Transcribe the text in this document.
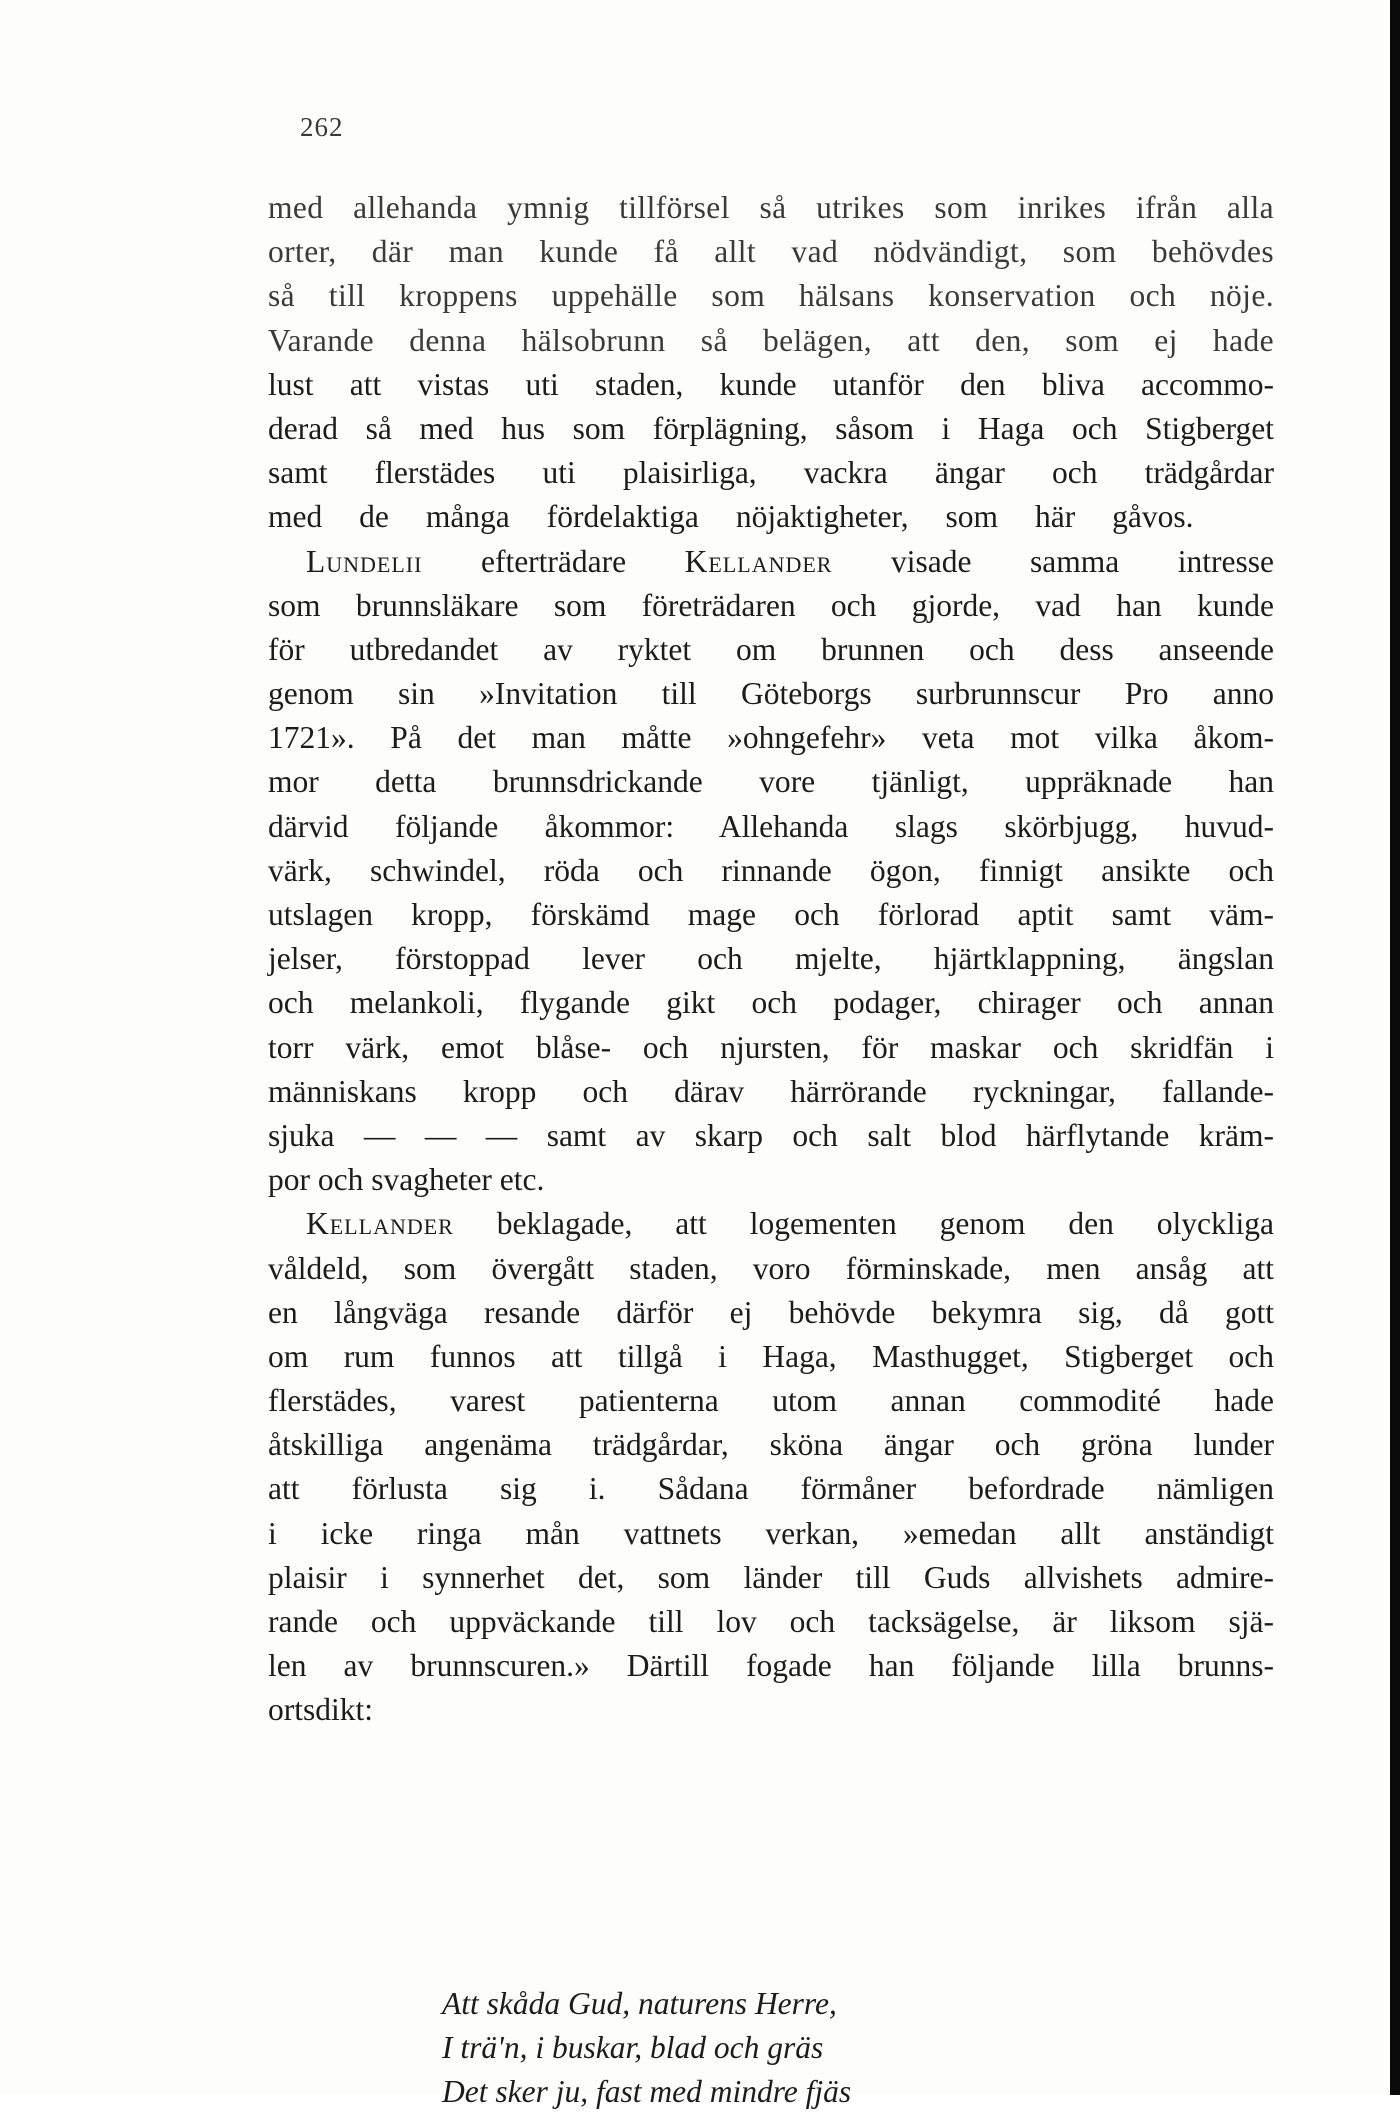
262
med allehanda ymnig tillförsel så utrikes som inrikes ifrån alla
orter, där man kunde få allt vad nödvändigt, som behövdes
så till kroppens uppehälle som hälsans konservation och nöje.
Varande denna hälsobrunn så belägen, att den, som ej hade
lust att vistas uti staden, kunde utanför den bliva accommo-
derad så med hus som förplägning, såsom i Haga och Stigberget
samt flerstädes uti plaisirliga, vackra ängar och trädgårdar
med de många fördelaktiga nöjaktigheter, som här gåvos.
Lundelii efterträdare Kellander visade samma intresse
som brunnsläkare som företrädaren och gjorde, vad han kunde
för utbredandet av ryktet om brunnen och dess anseende
genom sin »Invitation till Göteborgs surbrunnscur Pro anno
1721». På det man måtte »ohngefehr» veta mot vilka åkom-
mor detta brunnsdrickande vore tjänligt, uppräknade han
därvid följande åkommor: Allehanda slags skörbjugg, huvud-
värk, schwindel, röda och rinnande ögon, finnigt ansikte och
utslagen kropp, förskämd mage och förlorad aptit samt väm-
jelser, förstoppad lever och mjelte, hjärtklappning, ängslan
och melankoli, flygande gikt och podager, chirager och annan
torr värk, emot blåse- och njursten, för maskar och skridfän i
människans kropp och därav härrörande ryckningar, fallande-
sjuka — — — samt av skarp och salt blod härflytande kräm-
por och svagheter etc.
Kellander beklagade, att logementen genom den olyckliga
våldeld, som övergått staden, voro förminskade, men ansåg att
en långväga resande därför ej behövde bekymra sig, då gott
om rum funnos att tillgå i Haga, Masthugget, Stigberget och
flerstädes, varest patienterna utom annan commodité hade
åtskilliga angenäma trädgårdar, sköna ängar och gröna lunder
att förlusta sig i. Sådana förmåner befordrade nämligen
i icke ringa mån vattnets verkan, »emedan allt anständigt
plaisir i synnerhet det, som länder till Guds allvishets admire-
rande och uppväckande till lov och tacksägelse, är liksom sjä-
len av brunnscuren.» Därtill fogade han följande lilla brunns-
ortsdikt:
Att skåda Gud, naturens Herre,
I trä'n, i buskar, blad och gräs
Det sker ju, fast med mindre fjäs
